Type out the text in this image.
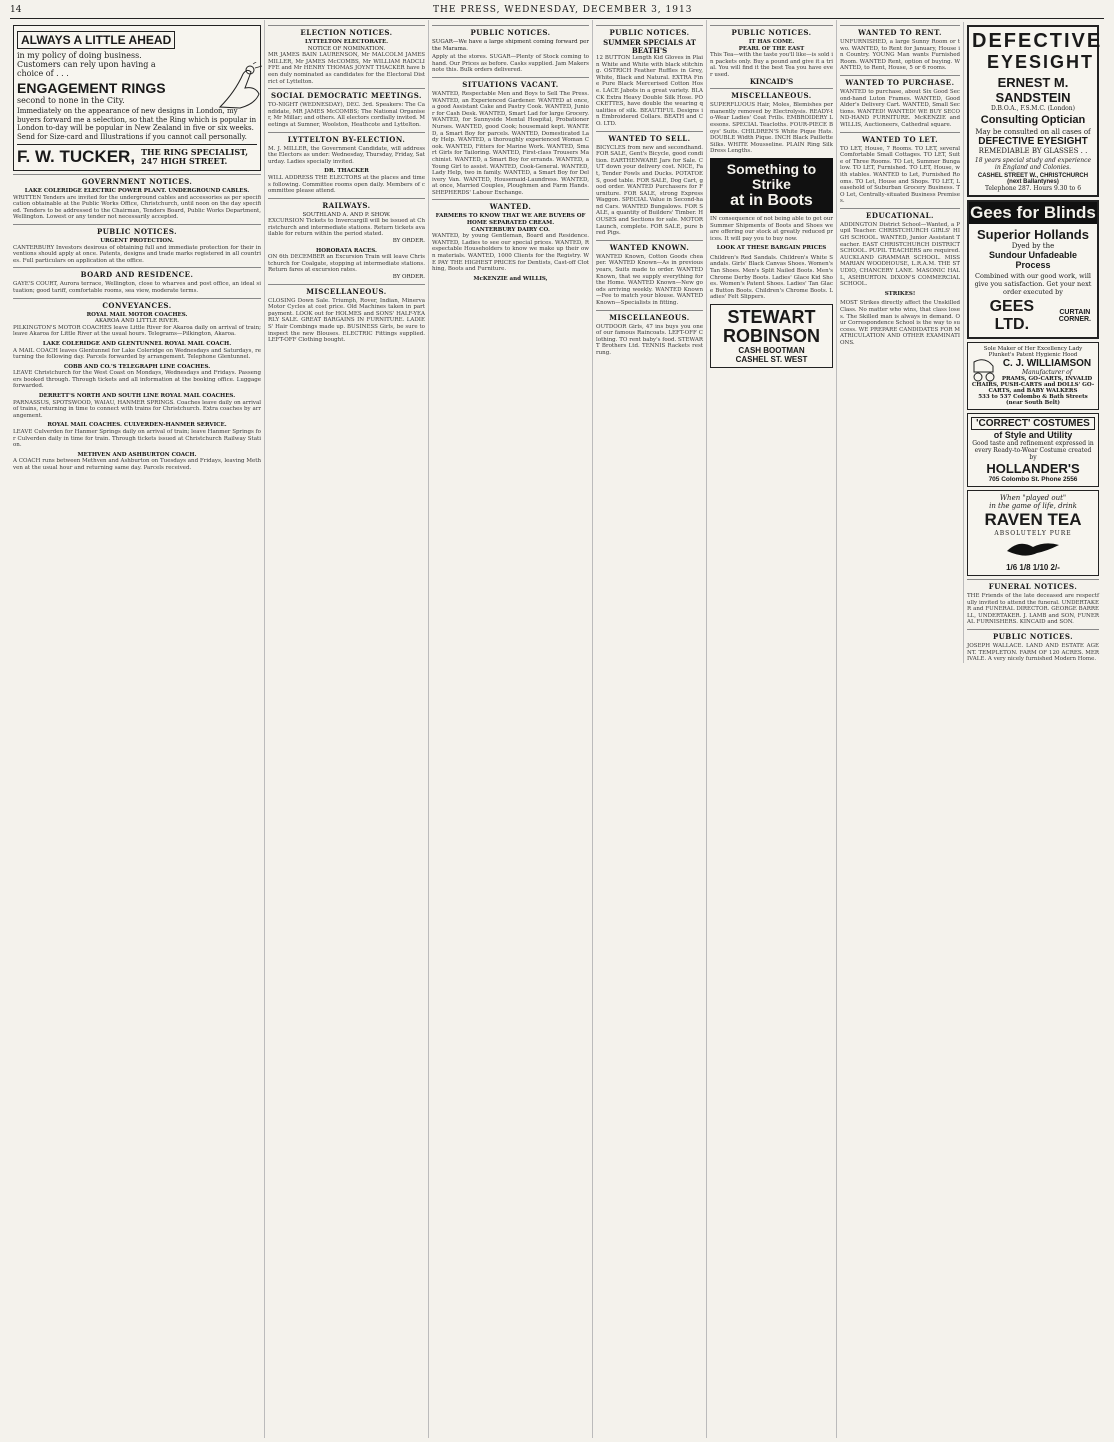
14	THE PRESS, WEDNESDAY, DECEMBER 3, 1913
ALWAYS A LITTLE AHEAD
in my policy of doing business. Customers can rely upon having a choice of . . .
ENGAGEMENT RINGS
second to none in the City.
Immediately on the appearance of new designs in London, my buyers forward me a selection, so that the Ring which is popular in London to-day will be popular in New Zealand in five or six weeks. Send for Size-card and Illustrations if you cannot call personally.
F. W. TUCKER, THE RING SPECIALIST,
247 HIGH STREET.
GOVERNMENT NOTICES.
LAKE COLERIDGE ELECTRIC POWER PLANT. UNDERGROUND CABLES.
WRITTEN Tenders are invited for the underground cables and accessories as per specification obtainable at the Public Works Office, Christchurch, until noon on the day specified. Tenders to be addressed to the Chairman, Tenders Board, Public Works Department, Wellington. Lowest or any tender not necessarily accepted.
PUBLIC NOTICES.
URGENT PROTECTION.
CANTERBURY Investors desirous of obtaining full and immediate protection for their inventions should apply at once. Patents, designs and trade marks registered in all countries. Full particulars on application at the office.
BOARD AND RESIDENCE.
GAYE'S COURT, Aurora terrace, Wellington, close to wharves and post office, an ideal situation; good tariff, comfortable rooms, sea view, moderate terms.
CONVEYANCES.
ROYAL MAIL MOTOR COACHES.
AKAROA AND LITTLE RIVER.
PILKINGTON'S MOTOR COACHES leave Little River for Akaroa daily on arrival of train; leave Akaroa for Little River at the usual hours. Telegrams—Pilkington, Akaroa.
LAKE COLERIDGE AND GLENTUNNEL ROYAL MAIL COACH.
A MAIL COACH leaves Glentunnel for Lake Coleridge on Wednesdays and Saturdays, returning the following day. Parcels forwarded by arrangement. Telephone Glentunnel.
COBB AND CO.'S TELEGRAPH LINE COACHES.
LEAVE Christchurch for the West Coast on Mondays, Wednesdays and Fridays. Passengers booked through. Through tickets and all information at the booking office. Luggage forwarded.
DERRETT'S NORTH AND SOUTH LINE ROYAL MAIL COACHES.
PARNASSUS, SPOTSWOOD, WAIAU, HANMER SPRINGS. Coaches leave daily on arrival of trains, returning in time to connect with trains for Christchurch. Extra coaches by arrangement.
ROYAL MAIL COACHES. CULVERDEN-HANMER SERVICE.
LEAVE Culverden for Hanmer Springs daily on arrival of train; leave Hanmer Springs for Culverden daily in time for train. Through tickets issued at Christchurch Railway Station.
METHVEN AND ASHBURTON COACH.
A COACH runs between Methven and Ashburton on Tuesdays and Fridays, leaving Methven at the usual hour and returning same day. Parcels received.
ELECTION NOTICES.
LYTTELTON ELECTORATE.
NOTICE OF NOMINATION.
MR JAMES BAIN LAURENSON, Mr MALCOLM JAMES MILLER, Mr JAMES McCOMBS, Mr WILLIAM RADCLIFFE and Mr HENRY THOMAS JOYNT THACKER have been duly nominated as candidates for the Electoral District of Lyttelton.
SOCIAL DEMOCRATIC MEETINGS.
TO-NIGHT (WEDNESDAY), DEC. 3rd. Speakers: The Candidate, MR JAMES McCOMBS; The National Organiser, Mr Millar; and others. All electors cordially invited. Meetings at Sumner, Woolston, Heathcote and Lyttelton.
LYTTELTON BY-ELECTION.
M. J. MILLER, the Government Candidate, will address the Electors as under: Wednesday, Thursday, Friday, Saturday. Ladies specially invited.
DR. THACKER
WILL ADDRESS THE ELECTORS at the places and times following. Committee rooms open daily. Members of committee please attend.
RAILWAYS.
SOUTHLAND A. AND P. SHOW.
EXCURSION Tickets to Invercargill will be issued at Christchurch and intermediate stations. Return tickets available for return within the period stated.
BY ORDER.
HORORATA RACES.
ON 6th DECEMBER an Excursion Train will leave Christchurch for Coalgate, stopping at intermediate stations. Return fares at excursion rates.
BY ORDER.
MISCELLANEOUS.
CLOSING Down Sale. Triumph, Rover, Indian, Minerva Motor Cycles at cost price. Old Machines taken in part payment. LOOK out for HOLMES and SONS' HALF-YEARLY SALE. GREAT BARGAINS IN FURNITURE. LADIES' Hair Combings made up. BUSINESS Girls, be sure to inspect the new Blouses. ELECTRIC Fittings supplied. LEFT-OFF Clothing bought.
PUBLIC NOTICES.
SUGAR—We have a large shipment coming forward per the Marama.
Apply at the stores. SUGAR—Plenty of Stock coming to hand. Our Prices as before. Casks supplied. Jam Makers note this. Bulk orders delivered.
SITUATIONS VACANT.
WANTED, Respectable Men and Boys to Sell The Press. WANTED, an Experienced Gardener. WANTED at once, a good Assistant Cake and Pastry Cook. WANTED, Junior for Cash Desk. WANTED, Smart Lad for large Grocery. WANTED, for Sunnyside Mental Hospital, Probationer Nurses. WANTED, good Cook; housemaid kept. WANTED, a Smart Boy for parcels. WANTED, Domesticated Lady Help. WANTED, a thoroughly experienced Woman Cook. WANTED, Fitters for Marine Work. WANTED, Smart Girls for Tailoring. WANTED, First-class Trousers Machinist. WANTED, a Smart Boy for errands. WANTED, a Young Girl to assist. WANTED, Cook-General. WANTED, Lady Help, two in family. WANTED, a Smart Boy for Delivery Van. WANTED, Housemaid-Laundress. WANTED, at once, Married Couples, Ploughmen and Farm Hands. SHEPHERDS' Labour Exchange.
WANTED.
FARMERS TO KNOW THAT WE ARE BUYERS OF HOME SEPARATED CREAM.
CANTERBURY DAIRY CO.
WANTED, by young Gentleman, Board and Residence. WANTED, Ladies to see our special prices. WANTED, Respectable Householders to know we make up their own materials. WANTED, 1000 Clients for the Registry. WE PAY THE HIGHEST PRICES for Dentists, Cast-off Clothing, Boots and Furniture.
McKENZIE and WILLIS,
PUBLIC NOTICES.
SUMMER SPECIALS AT BEATH'S
12 BUTTON Length Kid Gloves in Plain White and White with black stitching. OSTRICH Feather Ruffles in Grey, White, Black and Natural. EXTRA Fine Pure Black Mercerised Cotton Hose. LACE Jabots in a great variety. BLACK Extra Heavy Double Silk Hose. POCKETTES, have double the wearing qualities of silk. BEAUTIFUL Designs in Embroidered Collars. BEATH and CO. LTD.
WANTED TO SELL.
BICYCLES from new and secondhand. FOR SALE, Gent's Bicycle, good condition. EARTHENWARE Jars for Sale. CUT down your delivery cost. NICE, Fat, Tender Fowls and Ducks. POTATOES, good table. FOR SALE, Dog Cart, good order. WANTED Purchasers for Furniture. FOR SALE, strong Express Waggon. SPECIAL Value in Second-hand Cars. WANTED Bungalows. FOR SALE, a quantity of Builders' Timber. HOUSES and Sections for sale. MOTOR Launch, complete. FOR SALE, pure bred Pigs.
WANTED KNOWN.
WANTED Known, Cotton Goods cheaper. WANTED Known—As in previous years, Suits made to order. WANTED Known, that we supply everything for the Home. WANTED Known—New goods arriving weekly. WANTED Known—Fee to match your blouse. WANTED Known—Specialists in fitting.
MISCELLANEOUS.
OUTDOOR Girls, 47 ins buys you one of our famous Raincoats. LEFT-OFF Clothing. TO rent baby's food. STEWART Brothers Ltd. TENNIS Rackets restrung.
PUBLIC NOTICES.
IT HAS COME.
PEARL OF THE EAST
This Tea—with the taste you'll like—is sold in packets only. Buy a pound and give it a trial. You will find it the best Tea you have ever used.
KINCAID'S
MISCELLANEOUS.
SUPERFLUOUS Hair, Moles, Blemishes permanently removed by Electrolysis. READY-to-Wear Ladies' Coat Frills. EMBROIDERY Lessons. SPECIAL Teacloths. FOUR-PIECE Boys' Suits. CHILDREN'S White Pique Hats. DOUBLE Width Pique. INCH Black Paillette Silks. WHITE Mousseline. PLAIN Ring Silk Dress Lengths.
Something to Strike
at in Boots
IN consequence of not being able to get our Summer Shipments of Boots and Shoes we are offering our stock at greatly reduced prices. It will pay you to buy now.
LOOK AT THESE BARGAIN PRICES
Children's Red Sandals. Children's White Sandals. Girls' Black Canvas Shoes. Women's Tan Shoes. Men's Split Nailed Boots. Men's Chrome Derby Boots. Ladies' Glace Kid Shoes. Women's Patent Shoes. Ladies' Tan Glace Button Boots. Children's Chrome Boots. Ladies' Felt Slippers.
STEWART
ROBINSON
CASH BOOTMAN
CASHEL ST. WEST
WANTED TO RENT.
UNFURNISHED, a large Sunny Room or two. WANTED, to Rent for January, House in Country. YOUNG Man wants Furnished Room. WANTED Rent, option of buying. WANTED, to Rent, House, 5 or 6 rooms.
WANTED TO PURCHASE.
WANTED to purchase, about Six Good Second-hand Luton Frames. WANTED, Good Alder's Delivery Cart. WANTED, Small Sections. WANTED! WANTED! WE BUY SECOND-HAND FURNITURE. McKENZIE and WILLIS, Auctioneers, Cathedral square.
WANTED TO LET.
TO LET, House, 7 Rooms. TO LET, several Comfortable Small Cottages. TO LET, Suite of Three Rooms. TO Let, Summer Bungalow. TO LET, Furnished. TO LET, House, with stables. WANTED to Let, Furnished Rooms. TO Let, House and Shops. TO LET, Leasehold of Suburban Grocery Business. TO Let, Centrally-situated Business Premises.
EDUCATIONAL.
ADDINGTON District School—Wanted, a Pupil Teacher. CHRISTCHURCH GIRLS' HIGH SCHOOL. WANTED, Junior Assistant Teacher. EAST CHRISTCHURCH DISTRICT SCHOOL. PUPIL TEACHERS are required. AUCKLAND GRAMMAR SCHOOL. MISS MARIAN WOODHOUSE, L.R.A.M. THE STUDIO, CHANCERY LANE. MASONIC HALL, ASHBURTON. DIXON'S COMMERCIAL SCHOOL.
STRIKES!
MOST Strikes directly affect the Unskilled Class. No matter who wins, that class loses. The Skilled man is always in demand. Our Correspondence School is the way to success. WE PREPARE CANDIDATES FOR MATRICULATION AND OTHER EXAMINATIONS.
DEFECTIVE
EYESIGHT
ERNEST M. SANDSTEIN
D.B.O.A., F.S.M.C. (London)
Consulting Optician
May be consulted on all cases of
DEFECTIVE EYESIGHT
REMEDIABLE BY GLASSES . .
18 years special study and experience in England and Colonies.
CASHEL STREET W., CHRISTCHURCH (next Ballantynes)
Telephone 287. Hours 9.30 to 6
Gees for Blinds
Superior Hollands
Dyed by the
Sundour Unfadeable Process
Combined with our good work, will give you satisfaction. Get your next order executed by
GEES LTD.
CURTAIN CORNER.
Sole Maker of Her Excellency Lady Plunket's Patent Hygienic Hood
C. J. WILLIAMSON
Manufacturer of
PRAMS, GO-CARTS, INVALID CHAIRS, PUSH-CARTS and DOLLS' GO-CARTS, and BABY WALKERS
533 to 537 Colombo & Bath Streets (near South Belt)
'CORRECT' COSTUMES
of Style and Utility
Good taste and refinement expressed in every Ready-to-Wear Costume created by
HOLLANDER'S
705 Colombo St. Phone 2556
When "played out"
in the game of life, drink
RAVEN TEA
ABSOLUTELY PURE
1/6 1/8 1/10 2/-
FUNERAL NOTICES.
THE Friends of the late deceased are respectfully invited to attend the funeral. UNDERTAKER and FUNERAL DIRECTOR. GEORGE BARRELL, UNDERTAKER. J. LAMB and SON, FUNERAL FURNISHERS. KINCAID and SON.
PUBLIC NOTICES.
JOSEPH WALLACE. LAND AND ESTATE AGENT. TEMPLETON. FARM OF 120 ACRES. MERIVALE. A very nicely furnished Modern Home.
